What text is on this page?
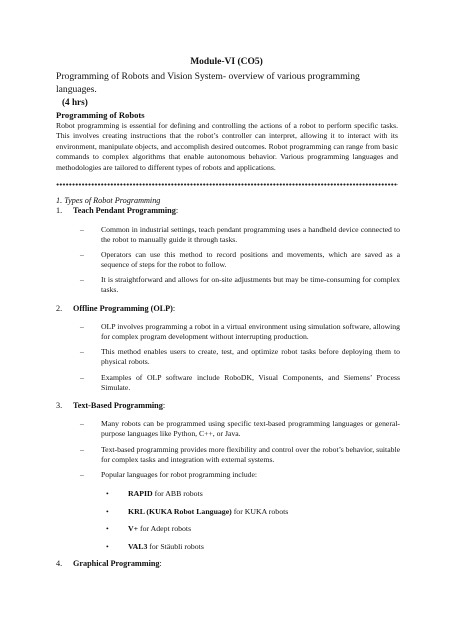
Module-VI (CO5)
Programming of Robots and Vision System- overview of various programming languages.
(4 hrs)
Programming of Robots
Robot programming is essential for defining and controlling the actions of a robot to perform specific tasks. This involves creating instructions that the robot’s controller can interpret, allowing it to interact with its environment, manipulate objects, and accomplish desired outcomes. Robot programming can range from basic commands to complex algorithms that enable autonomous behavior. Various programming languages and methodologies are tailored to different types of robots and applications.
1. Types of Robot Programming
1. Teach Pendant Programming:
– Common in industrial settings, teach pendant programming uses a handheld device connected to the robot to manually guide it through tasks.
– Operators can use this method to record positions and movements, which are saved as a sequence of steps for the robot to follow.
– It is straightforward and allows for on-site adjustments but may be time-consuming for complex tasks.
2. Offline Programming (OLP):
– OLP involves programming a robot in a virtual environment using simulation software, allowing for complex program development without interrupting production.
– This method enables users to create, test, and optimize robot tasks before deploying them to physical robots.
– Examples of OLP software include RoboDK, Visual Components, and Siemens’ Process Simulate.
3. Text-Based Programming:
– Many robots can be programmed using specific text-based programming languages or general-purpose languages like Python, C++, or Java.
– Text-based programming provides more flexibility and control over the robot’s behavior, suitable for complex tasks and integration with external systems.
– Popular languages for robot programming include:
• RAPID for ABB robots
• KRL (KUKA Robot Language) for KUKA robots
• V+ for Adept robots
• VAL3 for Stäubli robots
4. Graphical Programming:
